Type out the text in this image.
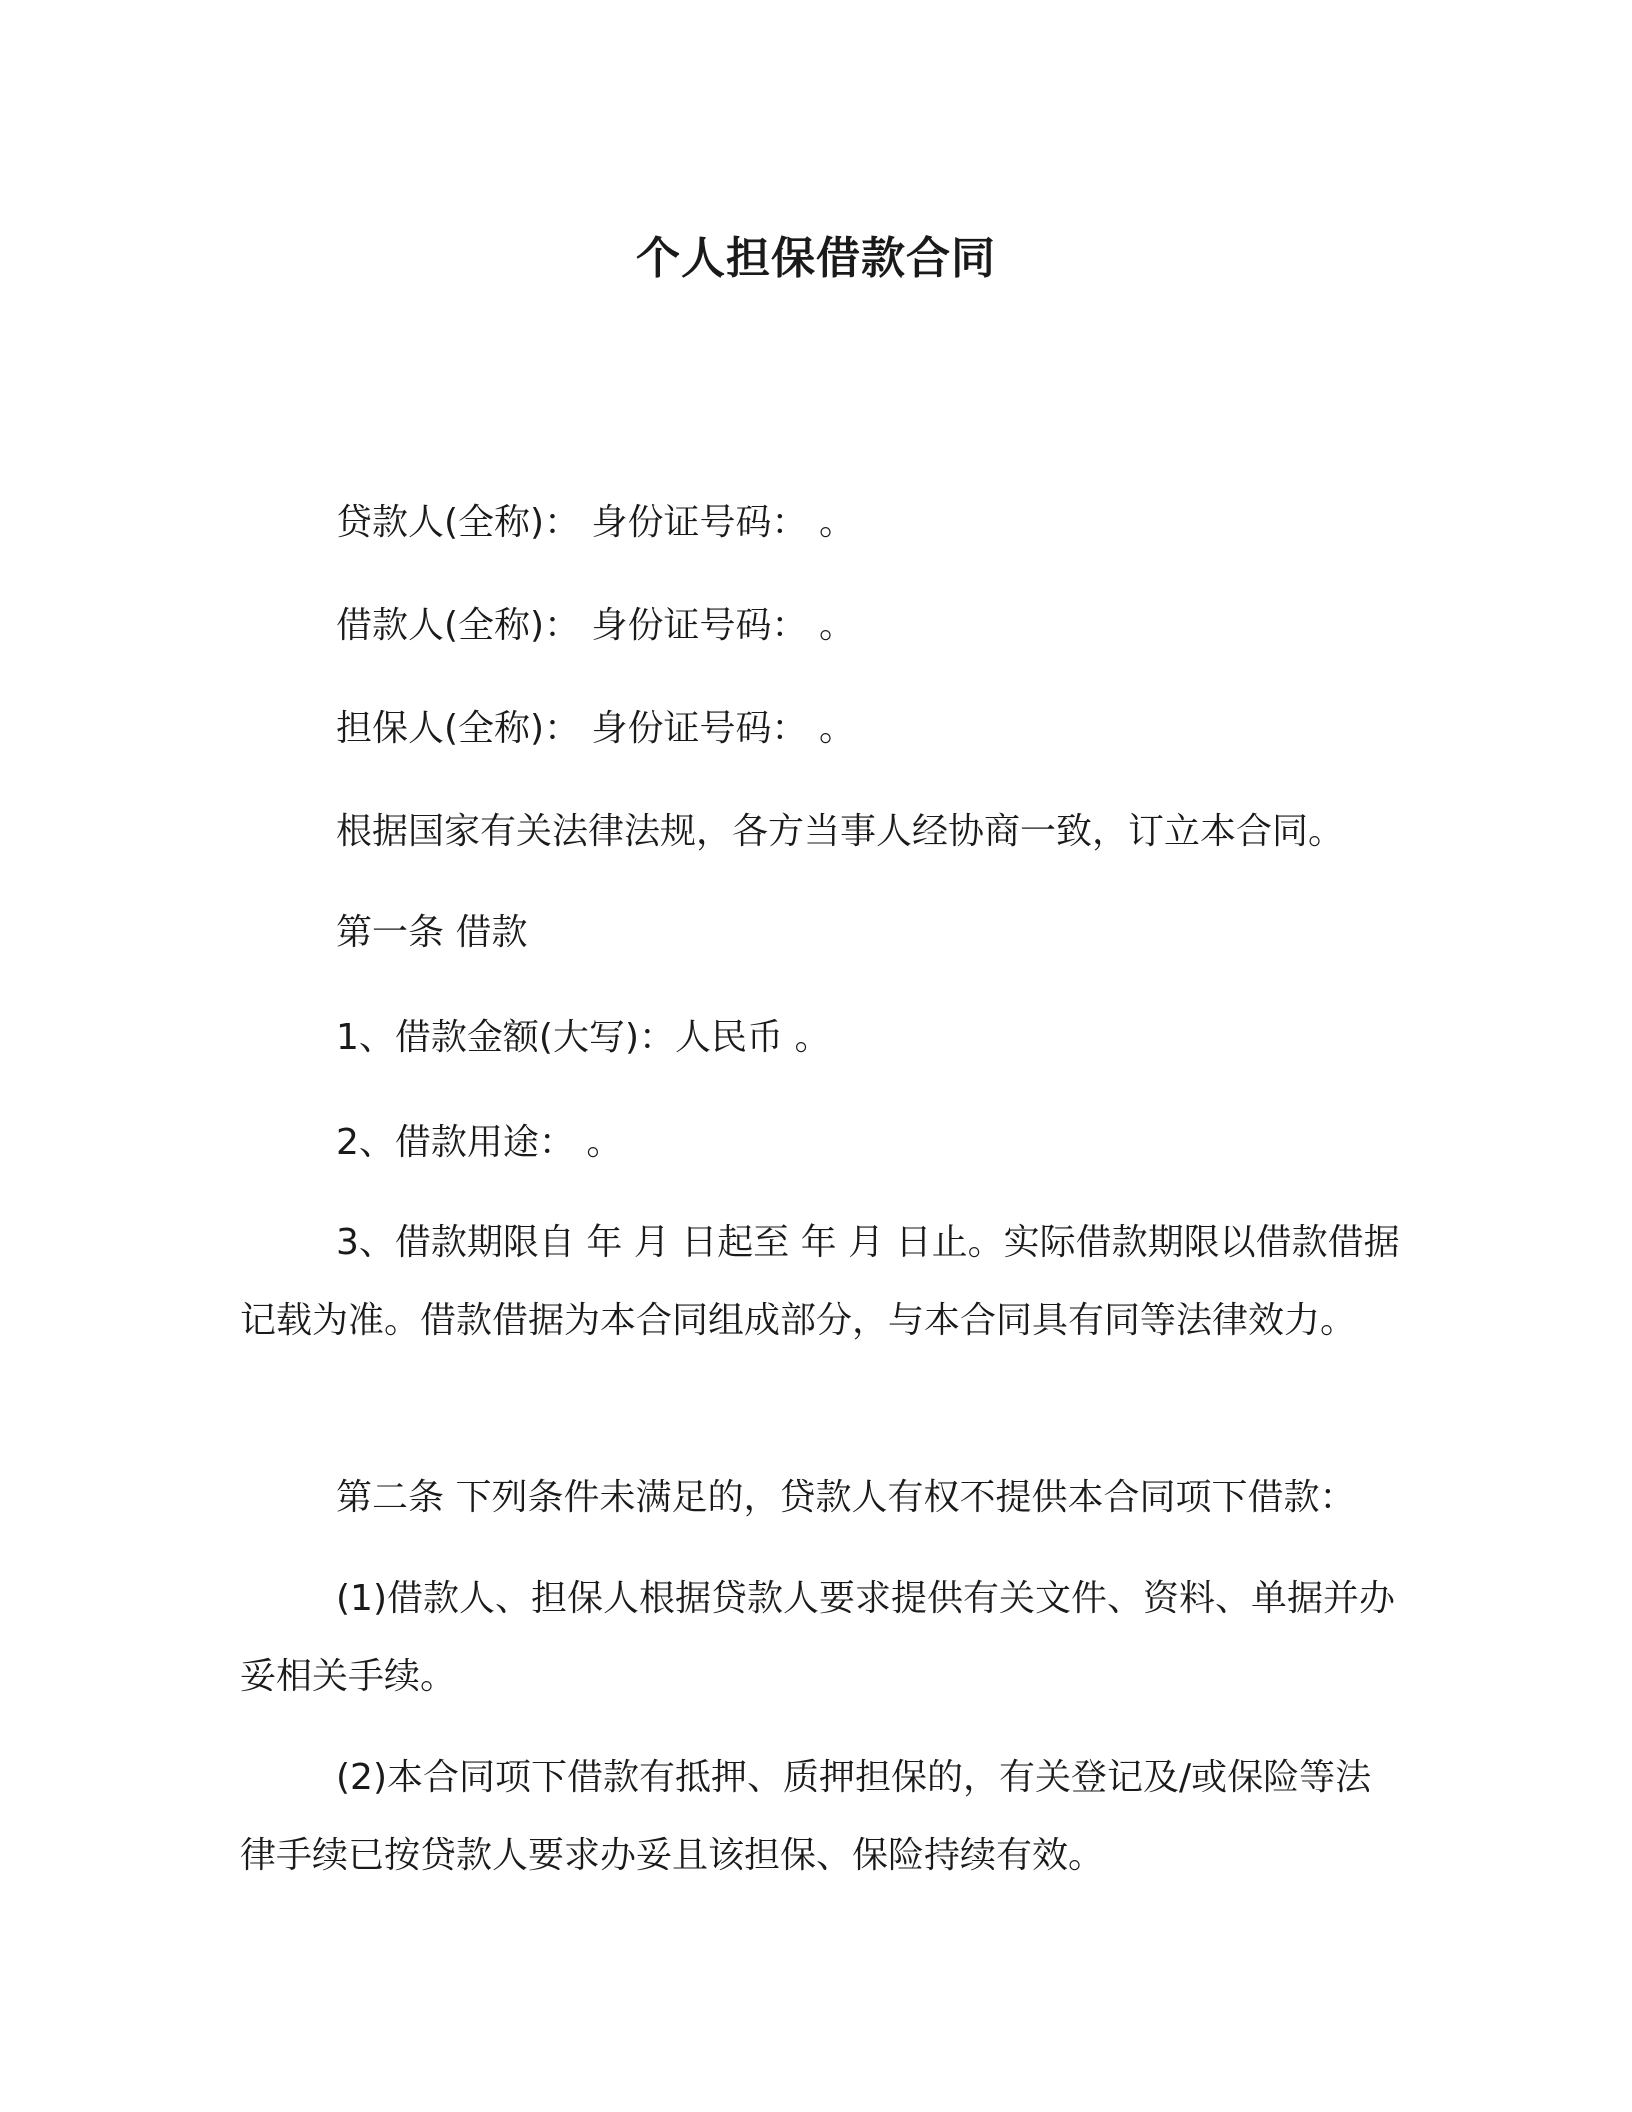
个人担保借款合同

贷款人(全称)： 身份证号码： 。

借款人(全称)： 身份证号码： 。

担保人(全称)： 身份证号码： 。

根据国家有关法律法规，各方当事人经协商一致，订立本合同。

第一条 借款

1、借款金额(大写)：人民币 。

2、借款用途： 。

3、借款期限自 年 月 日起至 年 月 日止。实际借款期限以借款借据记载为准。借款借据为本合同组成部分，与本合同具有同等法律效力。

第二条 下列条件未满足的，贷款人有权不提供本合同项下借款：

(1)借款人、担保人根据贷款人要求提供有关文件、资料、单据并办妥相关手续。

(2)本合同项下借款有抵押、质押担保的，有关登记及/或保险等法律手续已按贷款人要求办妥且该担保、保险持续有效。
